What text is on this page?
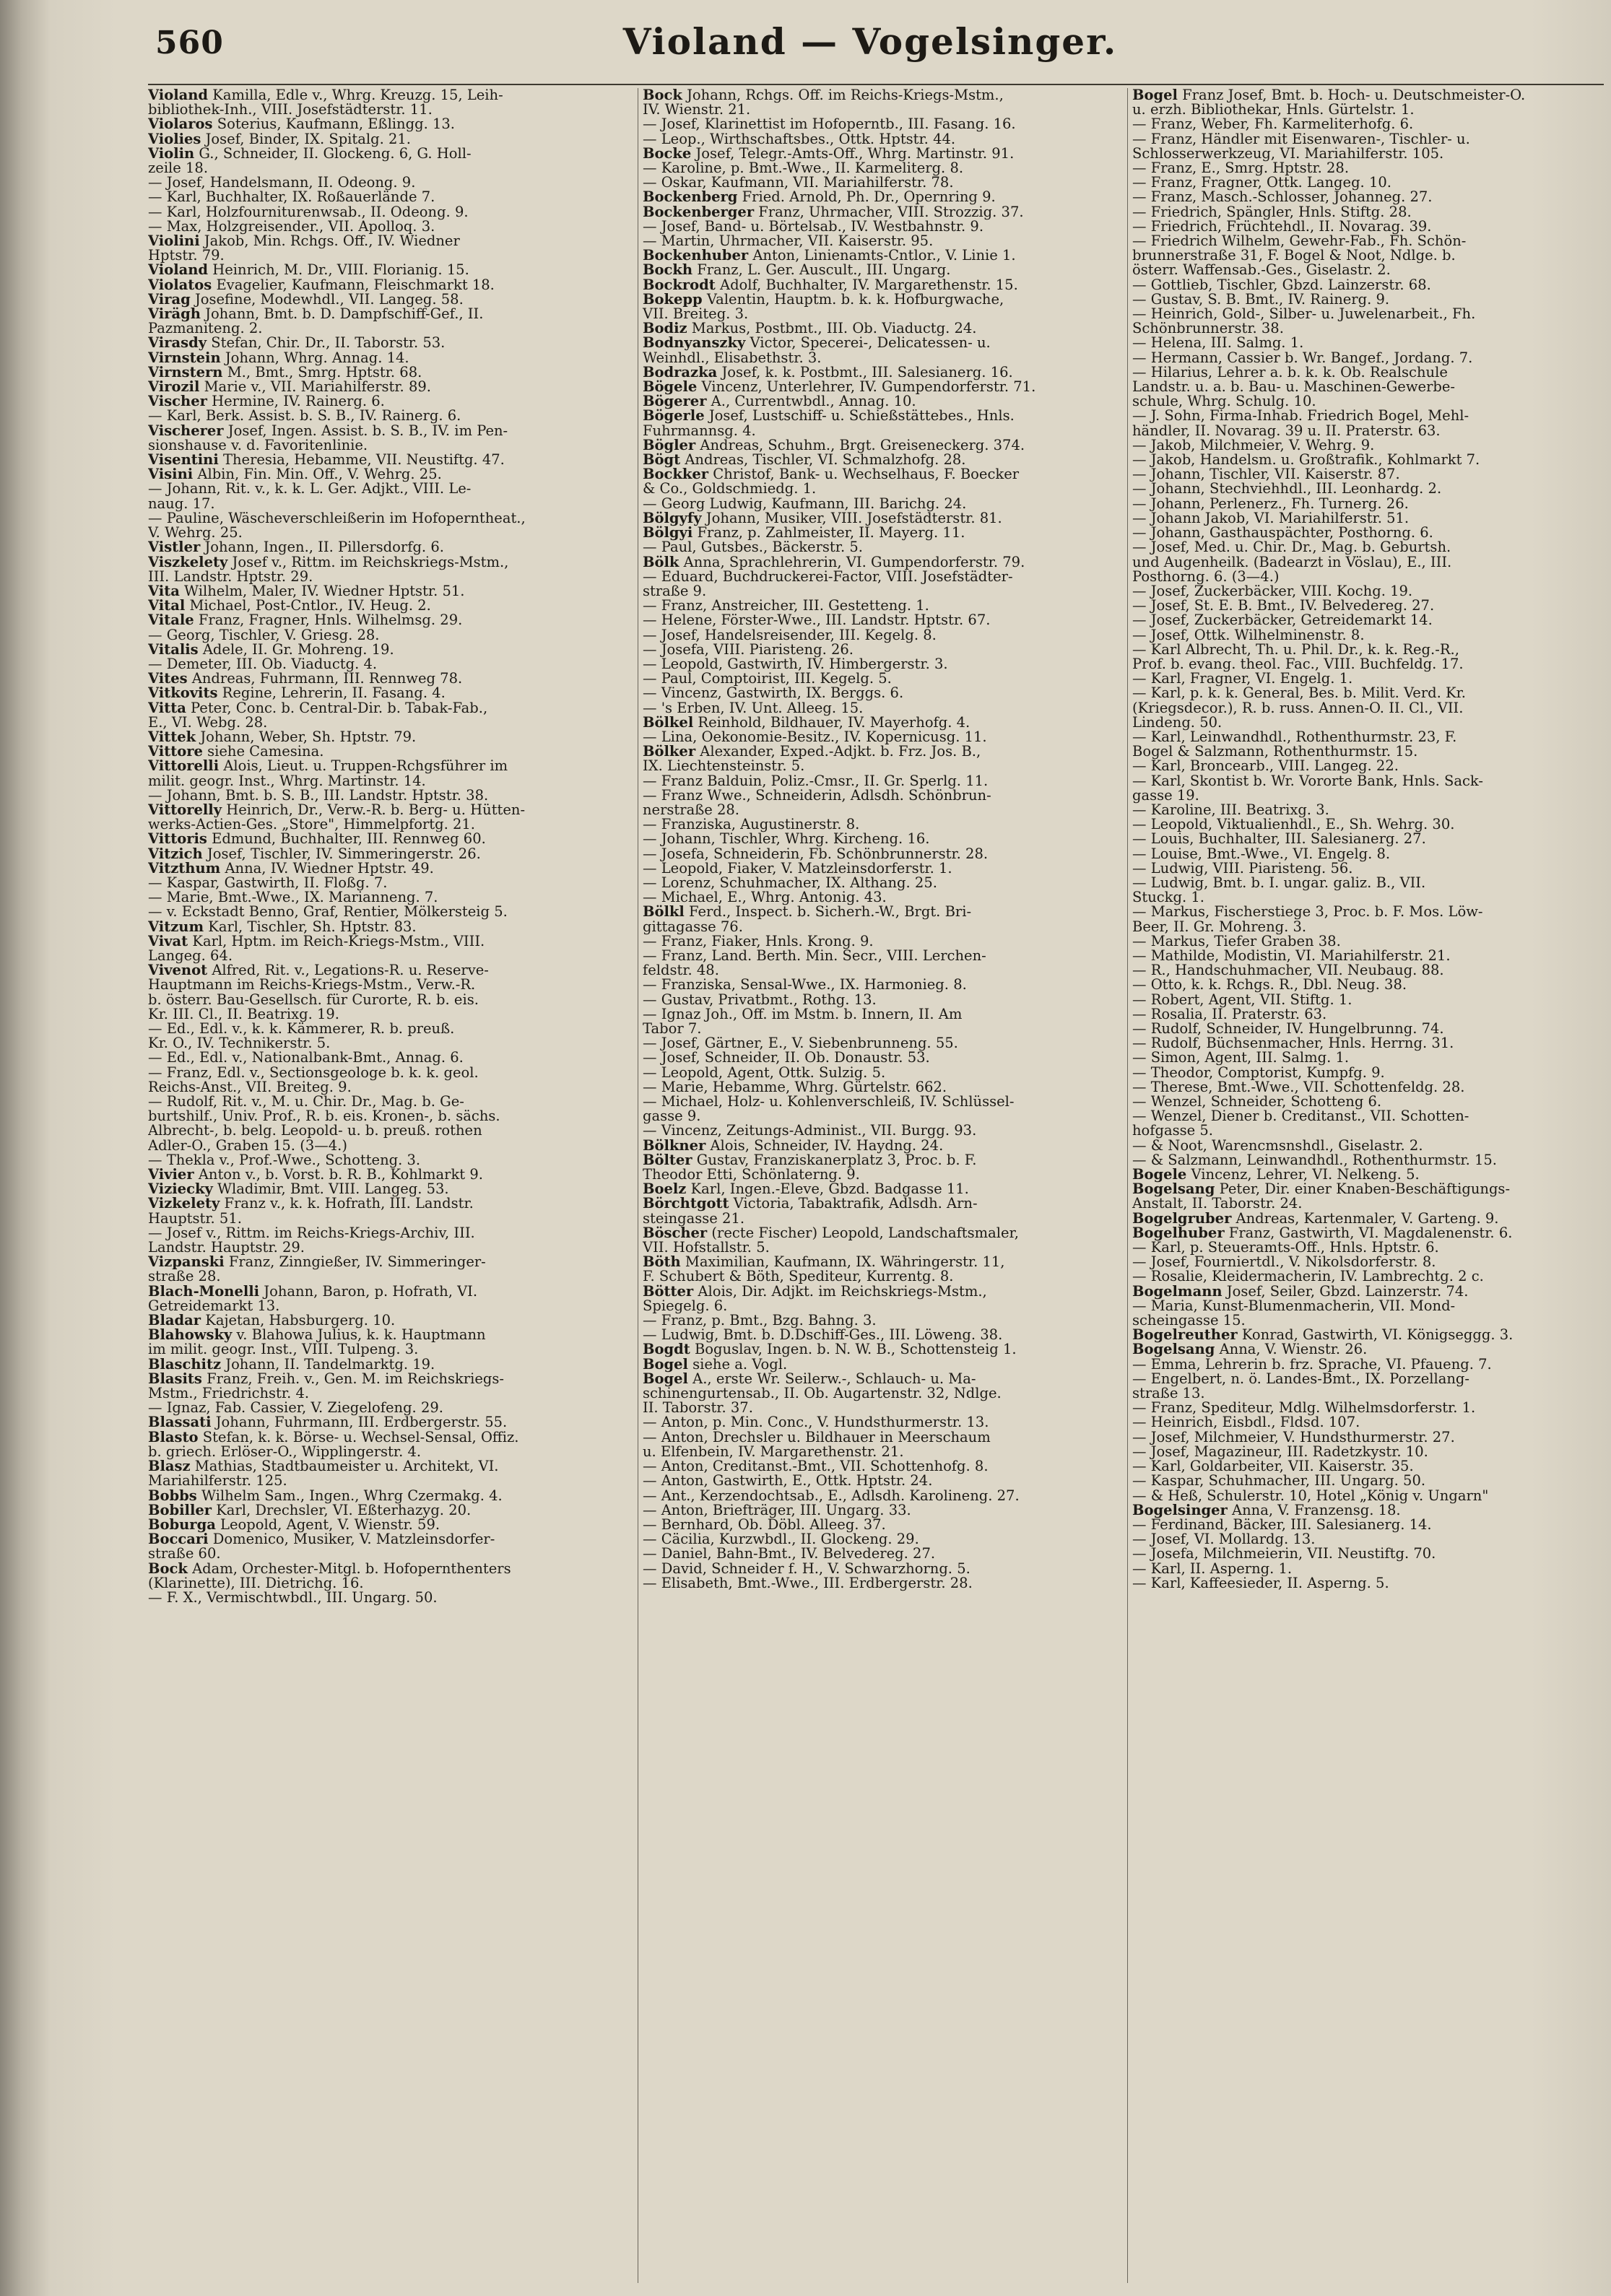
560	Violand — Vogelsinger.

Violand Kamilla, Edle v., Whrg. Kreuzg. 15, Leih-

bibliothek-Inh., VIII. Josefstädterstr. 11.

Violaros Soterius, Kaufmann, Eßlingg. 13.

Violies Josef, Binder, IX. Spitalg. 21.

Violin G., Schneider, II. Glockeng. 6, G. Holl-

zeile 18.

— Josef, Handelsmann, II. Odeong. 9.

— Karl, Buchhalter, IX. Roßauerlände 7.

— Karl, Holzfourniturenwsab., II. Odeong. 9.

— Max, Holzgreisender., VII. Apolloq. 3.

Violini Jakob, Min. Rchgs. Off., IV. Wiedner

Hptstr. 79.

Violand Heinrich, M. Dr., VIII. Florianig. 15.

Violatos Evagelier, Kaufmann, Fleischmarkt 18.

Virag Josefine, Modewhdl., VII. Langeg. 58.

Virägh Johann, Bmt. b. D. Dampfschiff-Gef., II.

Pazmaniteng. 2.

Virasdy Stefan, Chir. Dr., II. Taborstr. 53.

Virnstein Johann, Whrg. Annag. 14.

Virnstern M., Bmt., Smrg. Hptstr. 68.

Virozil Marie v., VII. Mariahilferstr. 89.

Vischer Hermine, IV. Rainerg. 6.

— Karl, Berk. Assist. b. S. B., IV. Rainerg. 6.

Vischerer Josef, Ingen. Assist. b. S. B., IV. im Pen-

sionshause v. d. Favoritenlinie.

Visentini Theresia, Hebamme, VII. Neustiftg. 47.

Visini Albin, Fin. Min. Off., V. Wehrg. 25.

— Johann, Rit. v., k. k. L. Ger. Adjkt., VIII. Le-

naug. 17.

— Pauline, Wäscheverschleißerin im Hofoperntheat.,

V. Wehrg. 25.

Vistler Johann, Ingen., II. Pillersdorfg. 6.

Viszkelety Josef v., Rittm. im Reichskriegs-Mstm.,

III. Landstr. Hptstr. 29.

Vita Wilhelm, Maler, IV. Wiedner Hptstr. 51.

Vital Michael, Post-Cntlor., IV. Heug. 2.

Vitale Franz, Fragner, Hnls. Wilhelmsg. 29.

— Georg, Tischler, V. Griesg. 28.

Vitalis Adele, II. Gr. Mohreng. 19.

— Demeter, III. Ob. Viaductg. 4.

Vites Andreas, Fuhrmann, III. Rennweg 78.

Vitkovits Regine, Lehrerin, II. Fasang. 4.

Vitta Peter, Conc. b. Central-Dir. b. Tabak-Fab.,

E., VI. Webg. 28.

Vittek Johann, Weber, Sh. Hptstr. 79.

Vittore siehe Camesina.

Vittorelli Alois, Lieut. u. Truppen-Rchgsführer im

milit. geogr. Inst., Whrg. Martinstr. 14.

— Johann, Bmt. b. S. B., III. Landstr. Hptstr. 38.

Vittorelly Heinrich, Dr., Verw.-R. b. Berg- u. Hütten-

werks-Actien-Ges. „Store", Himmelpfortg. 21.

Vittoris Edmund, Buchhalter, III. Rennweg 60.

Vitzich Josef, Tischler, IV. Simmeringerstr. 26.

Vitzthum Anna, IV. Wiedner Hptstr. 49.

— Kaspar, Gastwirth, II. Floßg. 7.

— Marie, Bmt.-Wwe., IX. Marianneng. 7.

— v. Eckstadt Benno, Graf, Rentier, Mölkersteig 5.

Vitzum Karl, Tischler, Sh. Hptstr. 83.

Vivat Karl, Hptm. im Reich-Kriegs-Mstm., VIII.

Langeg. 64.

Vivenot Alfred, Rit. v., Legations-R. u. Reserve-

Hauptmann im Reichs-Kriegs-Mstm., Verw.-R.

b. österr. Bau-Gesellsch. für Curorte, R. b. eis.

Kr. III. Cl., II. Beatrixg. 19.

— Ed., Edl. v., k. k. Kämmerer, R. b. preuß.

Kr. O., IV. Technikerstr. 5.

— Ed., Edl. v., Nationalbank-Bmt., Annag. 6.

— Franz, Edl. v., Sectionsgeologe b. k. k. geol.

Reichs-Anst., VII. Breiteg. 9.

— Rudolf, Rit. v., M. u. Chir. Dr., Mag. b. Ge-

burtshilf., Univ. Prof., R. b. eis. Kronen-, b. sächs.

Albrecht-, b. belg. Leopold- u. b. preuß. rothen

Adler-O., Graben 15. (3—4.)

— Thekla v., Prof.-Wwe., Schotteng. 3.

Vivier Anton v., b. Vorst. b. R. B., Kohlmarkt 9.

Viziecky Wladimir, Bmt. VIII. Langeg. 53.

Vizkelety Franz v., k. k. Hofrath, III. Landstr.

Hauptstr. 51.

— Josef v., Rittm. im Reichs-Kriegs-Archiv, III.

Landstr. Hauptstr. 29.

Vizpanski Franz, Zinngießer, IV. Simmeringer-

straße 28.

Blach-Monelli Johann, Baron, p. Hofrath, VI.

Getreidemarkt 13.

Bladar Kajetan, Habsburgerg. 10.

Blahowsky v. Blahowa Julius, k. k. Hauptmann

im milit. geogr. Inst., VIII. Tulpeng. 3.

Blaschitz Johann, II. Tandelmarktg. 19.

Blasits Franz, Freih. v., Gen. M. im Reichskriegs-

Mstm., Friedrichstr. 4.

— Ignaz, Fab. Cassier, V. Ziegelofeng. 29.

Blassati Johann, Fuhrmann, III. Erdbergerstr. 55.

Blasto Stefan, k. k. Börse- u. Wechsel-Sensal, Offiz.

b. griech. Erlöser-O., Wipplingerstr. 4.

Blasz Mathias, Stadtbaumeister u. Architekt, VI.

Mariahilferstr. 125.

Bobbs Wilhelm Sam., Ingen., Whrg Czermakg. 4.

Bobiller Karl, Drechsler, VI. Eßterhazyg. 20.

Boburga Leopold, Agent, V. Wienstr. 59.

Boccari Domenico, Musiker, V. Matzleinsdorfer-

straße 60.

Bock Adam, Orchester-Mitgl. b. Hofopernthenters

(Klarinette), III. Dietrichg. 16.

— F. X., Vermischtwbdl., III. Ungarg. 50.

Bock Johann, Rchgs. Off. im Reichs-Kriegs-Mstm.,

IV. Wienstr. 21.

— Josef, Klarinettist im Hofoperntb., III. Fasang. 16.

— Leop., Wirthschaftsbes., Ottk. Hptstr. 44.

Bocke Josef, Telegr.-Amts-Off., Whrg. Martinstr. 91.

— Karoline, p. Bmt.-Wwe., II. Karmeliterg. 8.

— Oskar, Kaufmann, VII. Mariahilferstr. 78.

Bockenberg Fried. Arnold, Ph. Dr., Opernring 9.

Bockenberger Franz, Uhrmacher, VIII. Strozzig. 37.

— Josef, Band- u. Börtelsab., IV. Westbahnstr. 9.

— Martin, Uhrmacher, VII. Kaiserstr. 95.

Bockenhuber Anton, Linienamts-Cntlor., V. Linie 1.

Bockh Franz, L. Ger. Auscult., III. Ungarg.

Bockrodt Adolf, Buchhalter, IV. Margarethenstr. 15.

Bokepp Valentin, Hauptm. b. k. k. Hofburgwache,

VII. Breiteg. 3.

Bodiz Markus, Postbmt., III. Ob. Viaductg. 24.

Bodnyanszky Victor, Specerei-, Delicatessen- u.

Weinhdl., Elisabethstr. 3.

Bodrazka Josef, k. k. Postbmt., III. Salesianerg. 16.

Bögele Vincenz, Unterlehrer, IV. Gumpendorferstr. 71.

Bögerer A., Currentwbdl., Annag. 10.

Bögerle Josef, Lustschiff- u. Schießstättebes., Hnls.

Fuhrmannsg. 4.

Bögler Andreas, Schuhm., Brgt. Greiseneckerg. 374.

Bögt Andreas, Tischler, VI. Schmalzhofg. 28.

Bockker Christof, Bank- u. Wechselhaus, F. Boecker

& Co., Goldschmiedg. 1.

— Georg Ludwig, Kaufmann, III. Barichg. 24.

Bölgyfy Johann, Musiker, VIII. Josefstädterstr. 81.

Bölgyi Franz, p. Zahlmeister, II. Mayerg. 11.

— Paul, Gutsbes., Bäckerstr. 5.

Bölk Anna, Sprachlehrerin, VI. Gumpendorferstr. 79.

— Eduard, Buchdruckerei-Factor, VIII. Josefstädter-

straße 9.

— Franz, Anstreicher, III. Gestetteng. 1.

— Helene, Förster-Wwe., III. Landstr. Hptstr. 67.

— Josef, Handelsreisender, III. Kegelg. 8.

— Josefa, VIII. Piaristeng. 26.

— Leopold, Gastwirth, IV. Himbergerstr. 3.

— Paul, Comptoirist, III. Kegelg. 5.

— Vincenz, Gastwirth, IX. Berggs. 6.

— 's Erben, IV. Unt. Alleeg. 15.

Bölkel Reinhold, Bildhauer, IV. Mayerhofg. 4.

— Lina, Oekonomie-Besitz., IV. Kopernicusg. 11.

Bölker Alexander, Exped.-Adjkt. b. Frz. Jos. B.,

IX. Liechtensteinstr. 5.

— Franz Balduin, Poliz.-Cmsr., II. Gr. Sperlg. 11.

— Franz Wwe., Schneiderin, Adlsdh. Schönbrun-

nerstraße 28.

— Franziska, Augustinerstr. 8.

— Johann, Tischler, Whrg. Kircheng. 16.

— Josefa, Schneiderin, Fb. Schönbrunnerstr. 28.

— Leopold, Fiaker, V. Matzleinsdorferstr. 1.

— Lorenz, Schuhmacher, IX. Althang. 25.

— Michael, E., Whrg. Antonig. 43.

Bölkl Ferd., Inspect. b. Sicherh.-W., Brgt. Bri-

gittagasse 76.

— Franz, Fiaker, Hnls. Krong. 9.

— Franz, Land. Berth. Min. Secr., VIII. Lerchen-

feldstr. 48.

— Franziska, Sensal-Wwe., IX. Harmonieg. 8.

— Gustav, Privatbmt., Rothg. 13.

— Ignaz Joh., Off. im Mstm. b. Innern, II. Am

Tabor 7.

— Josef, Gärtner, E., V. Siebenbrunneng. 55.

— Josef, Schneider, II. Ob. Donaustr. 53.

— Leopold, Agent, Ottk. Sulzig. 5.

— Marie, Hebamme, Whrg. Gürtelstr. 662.

— Michael, Holz- u. Kohlenverschleiß, IV. Schlüssel-

gasse 9.

— Vincenz, Zeitungs-Administ., VII. Burgg. 93.

Bölkner Alois, Schneider, IV. Haydng. 24.

Bölter Gustav, Franziskanerplatz 3, Proc. b. F.

Theodor Etti, Schönlaterng. 9.

Boelz Karl, Ingen.-Eleve, Gbzd. Badgasse 11.

Börchtgott Victoria, Tabaktrafik, Adlsdh. Arn-

steingasse 21.

Böscher (recte Fischer) Leopold, Landschaftsmaler,

VII. Hofstallstr. 5.

Böth Maximilian, Kaufmann, IX. Währingerstr. 11,

F. Schubert & Böth, Spediteur, Kurrentg. 8.

Bötter Alois, Dir. Adjkt. im Reichskriegs-Mstm.,

Spiegelg. 6.

— Franz, p. Bmt., Bzg. Bahng. 3.

— Ludwig, Bmt. b. D.Dschiff-Ges., III. Löweng. 38.

Bogdt Boguslav, Ingen. b. N. W. B., Schottensteig 1.

Bogel siehe a. Vogl.

Bogel A., erste Wr. Seilerw.-, Schlauch- u. Ma-

schinengurtensab., II. Ob. Augartenstr. 32, Ndlge.

II. Taborstr. 37.

— Anton, p. Min. Conc., V. Hundsthurmerstr. 13.

— Anton, Drechsler u. Bildhauer in Meerschaum

u. Elfenbein, IV. Margarethenstr. 21.

— Anton, Creditanst.-Bmt., VII. Schottenhofg. 8.

— Anton, Gastwirth, E., Ottk. Hptstr. 24.

— Ant., Kerzendochtsab., E., Adlsdh. Karolineng. 27.

— Anton, Briefträger, III. Ungarg. 33.

— Bernhard, Ob. Döbl. Alleeg. 37.

— Cäcilia, Kurzwbdl., II. Glockeng. 29.

— Daniel, Bahn-Bmt., IV. Belvedereg. 27.

— David, Schneider f. H., V. Schwarzhorng. 5.

— Elisabeth, Bmt.-Wwe., III. Erdbergerstr. 28.

Bogel Franz Josef, Bmt. b. Hoch- u. Deutschmeister-O.

u. erzh. Bibliothekar, Hnls. Gürtelstr. 1.

— Franz, Weber, Fh. Karmeliterhofg. 6.

— Franz, Händler mit Eisenwaren-, Tischler- u.

Schlosserwerkzeug, VI. Mariahilferstr. 105.

— Franz, E., Smrg. Hptstr. 28.

— Franz, Fragner, Ottk. Langeg. 10.

— Franz, Masch.-Schlosser, Johanneg. 27.

— Friedrich, Spängler, Hnls. Stiftg. 28.

— Friedrich, Früchtehdl., II. Novarag. 39.

— Friedrich Wilhelm, Gewehr-Fab., Fh. Schön-

brunnerstraße 31, F. Bogel & Noot, Ndlge. b.

österr. Waffensab.-Ges., Giselastr. 2.

— Gottlieb, Tischler, Gbzd. Lainzerstr. 68.

— Gustav, S. B. Bmt., IV. Rainerg. 9.

— Heinrich, Gold-, Silber- u. Juwelenarbeit., Fh.

Schönbrunnerstr. 38.

— Helena, III. Salmg. 1.

— Hermann, Cassier b. Wr. Bangef., Jordang. 7.

— Hilarius, Lehrer a. b. k. k. Ob. Realschule

Landstr. u. a. b. Bau- u. Maschinen-Gewerbe-

schule, Whrg. Schulg. 10.

— J. Sohn, Firma-Inhab. Friedrich Bogel, Mehl-

händler, II. Novarag. 39 u. II. Praterstr. 63.

— Jakob, Milchmeier, V. Wehrg. 9.

— Jakob, Handelsm. u. Großtrafik., Kohlmarkt 7.

— Johann, Tischler, VII. Kaiserstr. 87.

— Johann, Stechviehhdl., III. Leonhardg. 2.

— Johann, Perlenerz., Fh. Turnerg. 26.

— Johann Jakob, VI. Mariahilferstr. 51.

— Johann, Gasthauspächter, Posthorng. 6.

— Josef, Med. u. Chir. Dr., Mag. b. Geburtsh.

und Augenheilk. (Badearzt in Vöslau), E., III.

Posthorng. 6. (3—4.)

— Josef, Zuckerbäcker, VIII. Kochg. 19.

— Josef, St. E. B. Bmt., IV. Belvedereg. 27.

— Josef, Zuckerbäcker, Getreidemarkt 14.

— Josef, Ottk. Wilhelminenstr. 8.

— Karl Albrecht, Th. u. Phil. Dr., k. k. Reg.-R.,

Prof. b. evang. theol. Fac., VIII. Buchfeldg. 17.

— Karl, Fragner, VI. Engelg. 1.

— Karl, p. k. k. General, Bes. b. Milit. Verd. Kr.

(Kriegsdecor.), R. b. russ. Annen-O. II. Cl., VII.

Lindeng. 50.

— Karl, Leinwandhdl., Rothenthurmstr. 23, F.

Bogel & Salzmann, Rothenthurmstr. 15.

— Karl, Broncearb., VIII. Langeg. 22.

— Karl, Skontist b. Wr. Vororte Bank, Hnls. Sack-

gasse 19.

— Karoline, III. Beatrixg. 3.

— Leopold, Viktualienhdl., E., Sh. Wehrg. 30.

— Louis, Buchhalter, III. Salesianerg. 27.

— Louise, Bmt.-Wwe., VI. Engelg. 8.

— Ludwig, VIII. Piaristeng. 56.

— Ludwig, Bmt. b. I. ungar. galiz. B., VII.

Stuckg. 1.

— Markus, Fischerstiege 3, Proc. b. F. Mos. Löw-

Beer, II. Gr. Mohreng. 3.

— Markus, Tiefer Graben 38.

— Mathilde, Modistin, VI. Mariahilferstr. 21.

— R., Handschuhmacher, VII. Neubaug. 88.

— Otto, k. k. Rchgs. R., Dbl. Neug. 38.

— Robert, Agent, VII. Stiftg. 1.

— Rosalia, II. Praterstr. 63.

— Rudolf, Schneider, IV. Hungelbrunng. 74.

— Rudolf, Büchsenmacher, Hnls. Herrng. 31.

— Simon, Agent, III. Salmg. 1.

— Theodor, Comptorist, Kumpfg. 9.

— Therese, Bmt.-Wwe., VII. Schottenfeldg. 28.

— Wenzel, Schneider, Schotteng 6.

— Wenzel, Diener b. Creditanst., VII. Schotten-

hofgasse 5.

— & Noot, Warencmsnshdl., Giselastr. 2.

— & Salzmann, Leinwandhdl., Rothenthurmstr. 15.

Bogele Vincenz, Lehrer, VI. Nelkeng. 5.

Bogelsang Peter, Dir. einer Knaben-Beschäftigungs-

Anstalt, II. Taborstr. 24.

Bogelgruber Andreas, Kartenmaler, V. Garteng. 9.

Bogelhuber Franz, Gastwirth, VI. Magdalenenstr. 6.

— Karl, p. Steueramts-Off., Hnls. Hptstr. 6.

— Josef, Fourniertdl., V. Nikolsdorferstr. 8.

— Rosalie, Kleidermacherin, IV. Lambrechtg. 2 c.

Bogelmann Josef, Seiler, Gbzd. Lainzerstr. 74.

— Maria, Kunst-Blumenmacherin, VII. Mond-

scheingasse 15.

Bogelreuther Konrad, Gastwirth, VI. Königseggg. 3.

Bogelsang Anna, V. Wienstr. 26.

— Emma, Lehrerin b. frz. Sprache, VI. Pfaueng. 7.

— Engelbert, n. ö. Landes-Bmt., IX. Porzellang-

straße 13.

— Franz, Spediteur, Mdlg. Wilhelmsdorferstr. 1.

— Heinrich, Eisbdl., Fldsd. 107.

— Josef, Milchmeier, V. Hundsthurmerstr. 27.

— Josef, Magazineur, III. Radetzkystr. 10.

— Karl, Goldarbeiter, VII. Kaiserstr. 35.

— Kaspar, Schuhmacher, III. Ungarg. 50.

— & Heß, Schulerstr. 10, Hotel „König v. Ungarn"

Bogelsinger Anna, V. Franzensg. 18.

— Ferdinand, Bäcker, III. Salesianerg. 14.

— Josef, VI. Mollardg. 13.

— Josefa, Milchmeierin, VII. Neustiftg. 70.

— Karl, II. Asperng. 1.

— Karl, Kaffeesieder, II. Asperng. 5.
